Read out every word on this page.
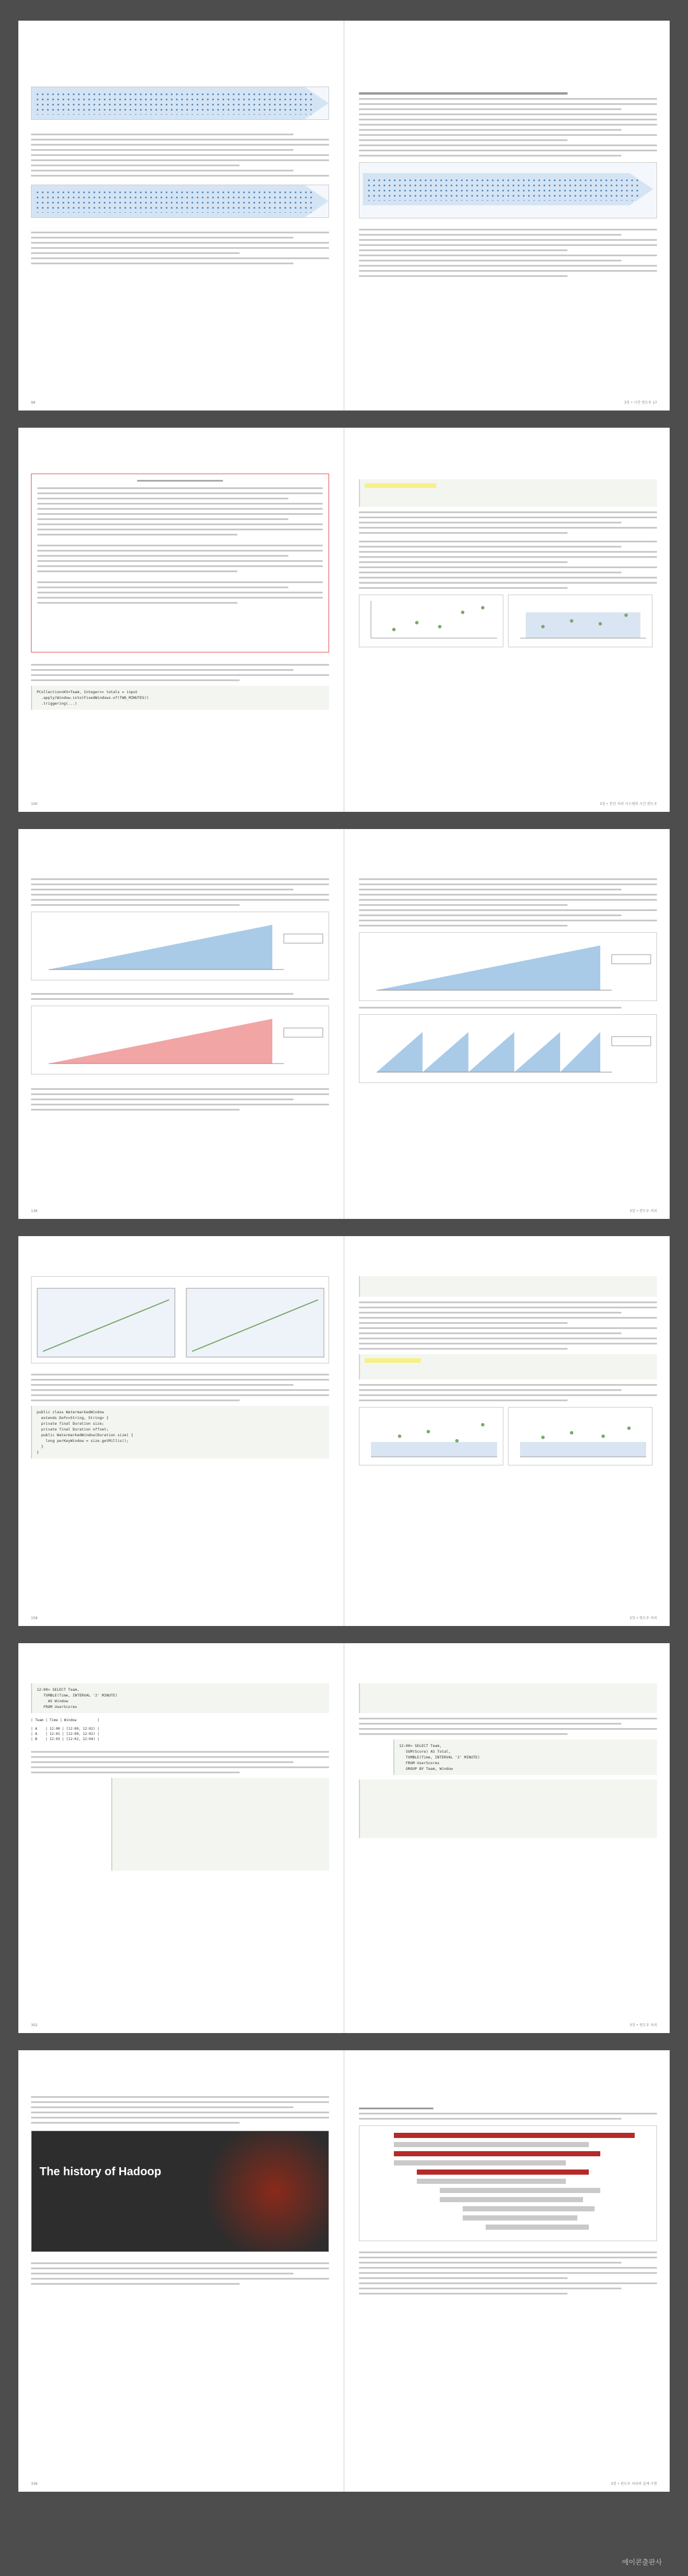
98	3장 • 시간 윈도우 17
PCollection<KV<Team, Integer>> totals = input
.apply(Window.into(FixedWindows.of(TWO_MINUTES))
.triggering(...)
100
	3장 • 분산 처리 시스템의 시간 윈도우
136	3장 • 윈도우 처리
public class WatermarkedWindow
extends DoFn<String, String> {
private final Duration size;
private final Duration offset;
public WatermarkedWindow(Duration size) {
long perKeyWindow = size.getMillis();
}
}
158
	3장 • 윈도우 처리
12:00> SELECT Team,
TUMBLE(Time, INTERVAL '2' MINUTE)
AS Window
FROM UserScores
| Team | Time | Window          |
| A    | 12:00 | [12:00, 12:02) |
| A    | 12:01 | [12:00, 12:02) |
| B    | 12:03 | [12:02, 12:04) |
302
12:00> SELECT Team,
SUM(Score) AS Total,
TUMBLE(Time, INTERVAL '2' MINUTE)
FROM UserScores
GROUP BY Team, Window
3장 • 윈도우 처리
The history of Hadoop
336	3장 • 윈도우 처리의 실제 구현
에이콘출판사
